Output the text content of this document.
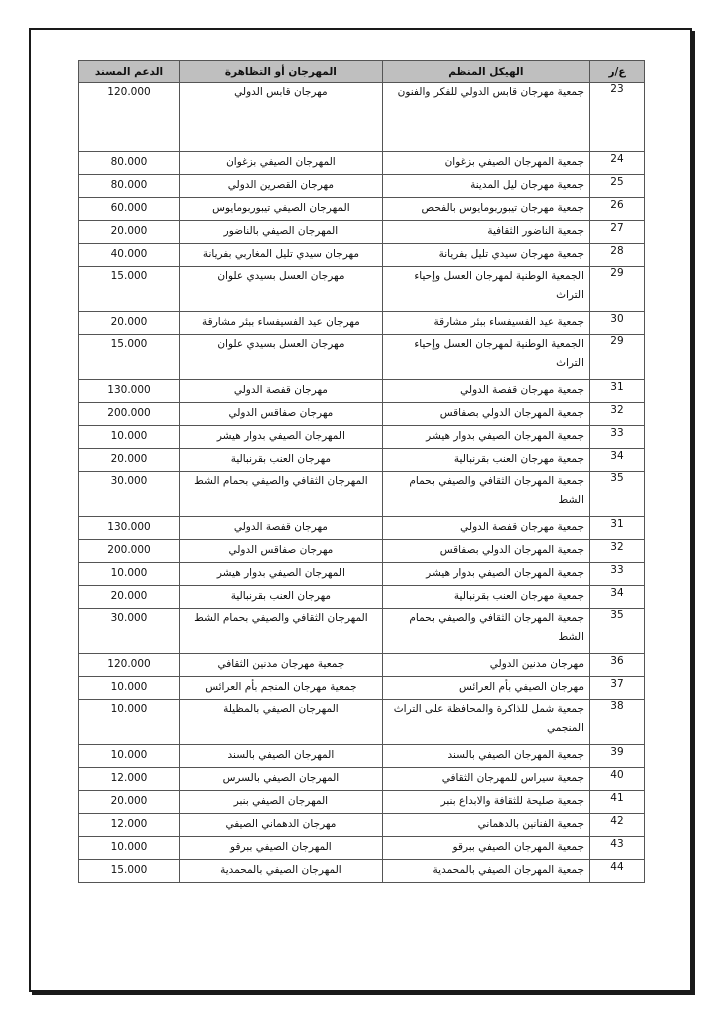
ع/ر	الهيكل المنظم	المهرجان أو التظاهرة	الدعم المسند
23	جمعية مهرجان قابس الدولي للفكر والفنون	مهرجان قابس الدولي	120.000
24	جمعية المهرجان الصيفي بزغوان	المهرجان الصيفي بزغوان	80.000
25	جمعية مهرجان ليل المدينة	مهرجان القصرين الدولي	80.000
26	جمعية مهرجان تيبوربومايوس بالفحص	المهرجان الصيفي تيبوربومايوس	60.000
27	جمعية الناضور الثقافية	المهرجان الصيفي بالناضور	20.000
28	جمعية مهرجان سيدي تليل بفريانة	مهرجان سيدي تليل المغاربي بفريانة	40.000
29	الجمعية الوطنية لمهرجان العسل وإحياء التراث	مهرجان العسل بسيدي علوان	15.000
30	جمعية عيد الفسيفساء ببئر مشارقة	مهرجان عيد الفسيفساء ببئر مشارقة	20.000
29	الجمعية الوطنية لمهرجان العسل وإحياء التراث	مهرجان العسل بسيدي علوان	15.000
31	جمعية مهرجان قفصة الدولي	مهرجان قفصة الدولي	130.000
32	جمعية المهرجان الدولي بصفاقس	مهرجان صفاقس الدولي	200.000
33	جمعية المهرجان الصيفي بدوار هيشر	المهرجان الصيفي بدوار هيشر	10.000
34	جمعية مهرجان العنب بقرنبالية	مهرجان العنب بقرنبالية	20.000
35	جمعية المهرجان الثقافي والصيفي بحمام الشط	المهرجان الثقافي والصيفي بحمام الشط	30.000
31	جمعية مهرجان قفصة الدولي	مهرجان قفصة الدولي	130.000
32	جمعية المهرجان الدولي بصفاقس	مهرجان صفاقس الدولي	200.000
33	جمعية المهرجان الصيفي بدوار هيشر	المهرجان الصيفي بدوار هيشر	10.000
34	جمعية مهرجان العنب بقرنبالية	مهرجان العنب بقرنبالية	20.000
35	جمعية المهرجان الثقافي والصيفي بحمام الشط	المهرجان الثقافي والصيفي بحمام الشط	30.000
36	مهرجان مدنين الدولي	جمعية مهرجان مدنين الثقافي	120.000
37	مهرجان الصيفي بأم العرائس	جمعية مهرجان المنجم بأم العرائس	10.000
38	جمعية شمل للذاكرة والمحافظة على التراث المنجمي	المهرجان الصيفي بالمظيلة	10.000
39	جمعية المهرجان الصيفي بالسند	المهرجان الصيفي بالسند	10.000
40	جمعية سيراس للمهرجان الثقافي	المهرجان الصيفي بالسرس	12.000
41	جمعية صليحة للثقافة والابداع بنبر	المهرجان الصيفي بنبر	20.000
42	جمعية الفنانين بالدهماني	مهرجان الدهماني الصيفي	12.000
43	جمعية المهرجان الصيفي ببرقو	المهرجان الصيفي ببرقو	10.000
44	جمعية المهرجان الصيفي بالمحمدية	المهرجان الصيفي بالمحمدية	15.000
